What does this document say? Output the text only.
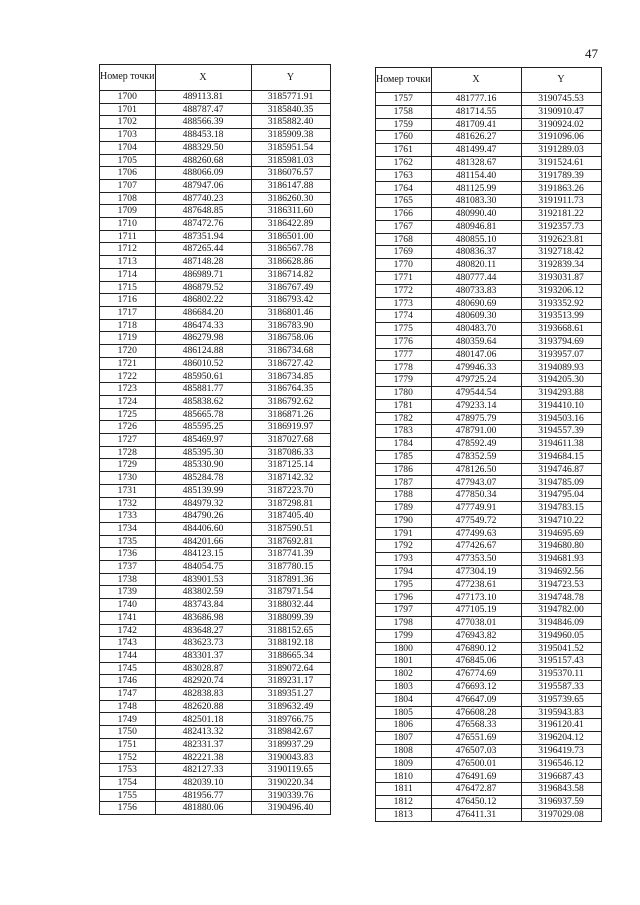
47
Номер точки	X	Y
1700	489113.81	3185771.91
1701	488787.47	3185840.35
1702	488566.39	3185882.40
1703	488453.18	3185909.38
1704	488329.50	3185951.54
1705	488260.68	3185981.03
1706	488066.09	3186076.57
1707	487947.06	3186147.88
1708	487740.23	3186260.30
1709	487648.85	3186311.60
1710	487472.76	3186422.89
1711	487351.94	3186501.00
1712	487265.44	3186567.78
1713	487148.28	3186628.86
1714	486989.71	3186714.82
1715	486879.52	3186767.49
1716	486802.22	3186793.42
1717	486684.20	3186801.46
1718	486474.33	3186783.90
1719	486279.98	3186758.06
1720	486124.88	3186734.68
1721	486010.52	3186727.42
1722	485950.61	3186734.85
1723	485881.77	3186764.35
1724	485838.62	3186792.62
1725	485665.78	3186871.26
1726	485595.25	3186919.97
1727	485469.97	3187027.68
1728	485395.30	3187086.33
1729	485330.90	3187125.14
1730	485284.78	3187142.32
1731	485139.99	3187223.70
1732	484979.32	3187298.81
1733	484790.26	3187405.40
1734	484406.60	3187590.51
1735	484201.66	3187692.81
1736	484123.15	3187741.39
1737	484054.75	3187780.15
1738	483901.53	3187891.36
1739	483802.59	3187971.54
1740	483743.84	3188032.44
1741	483686.98	3188099.39
1742	483648.27	3188152.65
1743	483623.73	3188192.18
1744	483301.37	3188665.34
1745	483028.87	3189072.64
1746	482920.74	3189231.17
1747	482838.83	3189351.27
1748	482620.88	3189632.49
1749	482501.18	3189766.75
1750	482413.32	3189842.67
1751	482331.37	3189937.29
1752	482221.38	3190043.83
1753	482127.33	3190119.65
1754	482039.10	3190220.34
1755	481956.77	3190339.76
1756	481880.06	3190496.40
Номер точки	X	Y
1757	481777.16	3190745.53
1758	481714.55	3190910.47
1759	481709.41	3190924.02
1760	481626.27	3191096.06
1761	481499.47	3191289.03
1762	481328.67	3191524.61
1763	481154.40	3191789.39
1764	481125.99	3191863.26
1765	481083.30	3191911.73
1766	480990.40	3192181.22
1767	480946.81	3192357.73
1768	480855.10	3192623.81
1769	480836.37	3192718.42
1770	480820.11	3192839.34
1771	480777.44	3193031.87
1772	480733.83	3193206.12
1773	480690.69	3193352.92
1774	480609.30	3193513.99
1775	480483.70	3193668.61
1776	480359.64	3193794.69
1777	480147.06	3193957.07
1778	479946.33	3194089.93
1779	479725.24	3194205.30
1780	479544.54	3194293.88
1781	479233.14	3194410.10
1782	478975.79	3194503.16
1783	478791.00	3194557.39
1784	478592.49	3194611.38
1785	478352.59	3194684.15
1786	478126.50	3194746.87
1787	477943.07	3194785.09
1788	477850.34	3194795.04
1789	477749.91	3194783.15
1790	477549.72	3194710.22
1791	477499.63	3194695.69
1792	477426.67	3194680.80
1793	477353.50	3194681.93
1794	477304.19	3194692.56
1795	477238.61	3194723.53
1796	477173.10	3194748.78
1797	477105.19	3194782.00
1798	477038.01	3194846.09
1799	476943.82	3194960.05
1800	476890.12	3195041.52
1801	476845.06	3195157.43
1802	476774.69	3195370.11
1803	476693.12	3195587.33
1804	476647.09	3195739.65
1805	476608.28	3195943.83
1806	476568.33	3196120.41
1807	476551.69	3196204.12
1808	476507.03	3196419.73
1809	476500.01	3196546.12
1810	476491.69	3196687.43
1811	476472.87	3196843.58
1812	476450.12	3196937.59
1813	476411.31	3197029.08
